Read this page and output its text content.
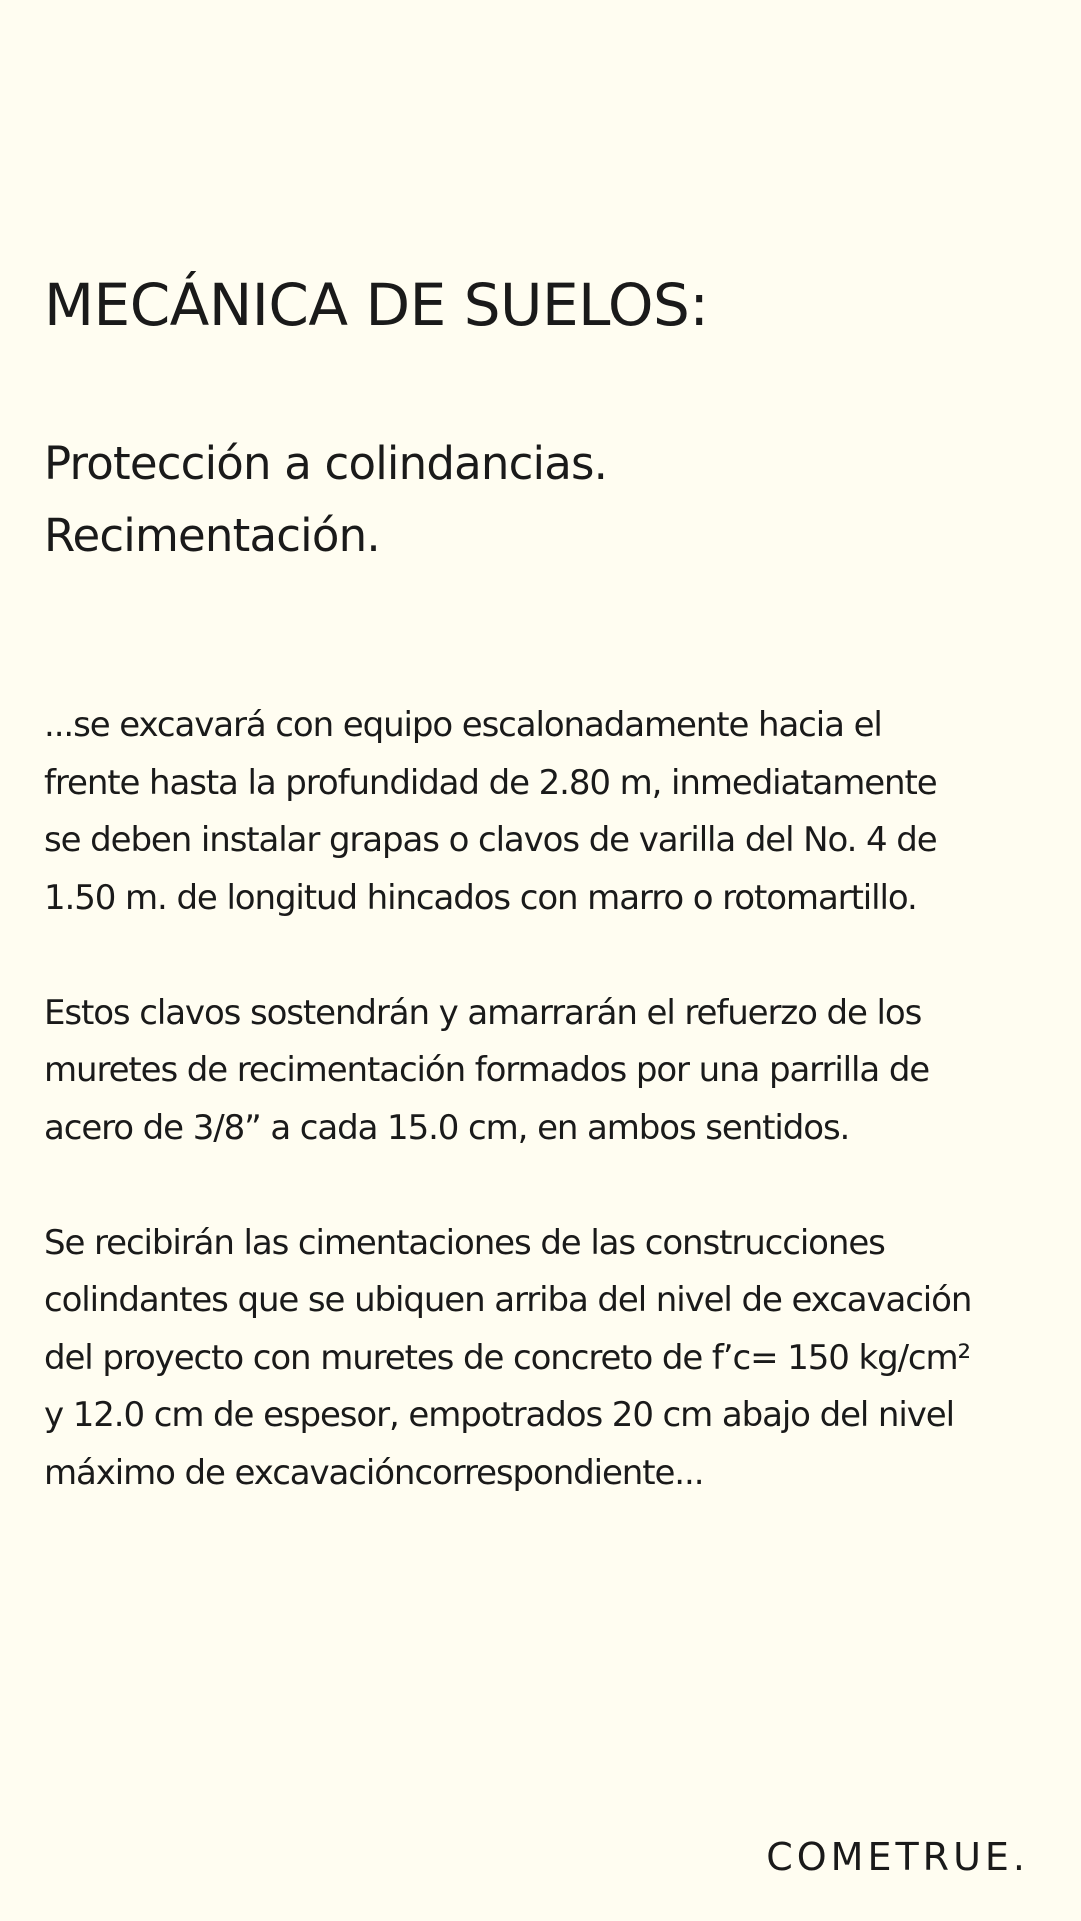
MECÁNICA DE SUELOS:
Protección a colindancias.
Recimentación.

...se excavará con equipo escalonadamente hacia el
frente hasta la profundidad de 2.80 m, inmediatamente
se deben instalar grapas o clavos de varilla del No. 4 de
1.50 m. de longitud hincados con marro o rotomartillo.

Estos clavos sostendrán y amarrarán el refuerzo de los
muretes de recimentación formados por una parrilla de
acero de 3/8” a cada 15.0 cm, en ambos sentidos.

Se recibirán las cimentaciones de las construcciones
colindantes que se ubiquen arriba del nivel de excavación
del proyecto con muretes de concreto de f’c= 150 kg/cm²
y 12.0 cm de espesor, empotrados 20 cm abajo del nivel
máximo de excavacióncorrespondiente...

COMETRUE.
